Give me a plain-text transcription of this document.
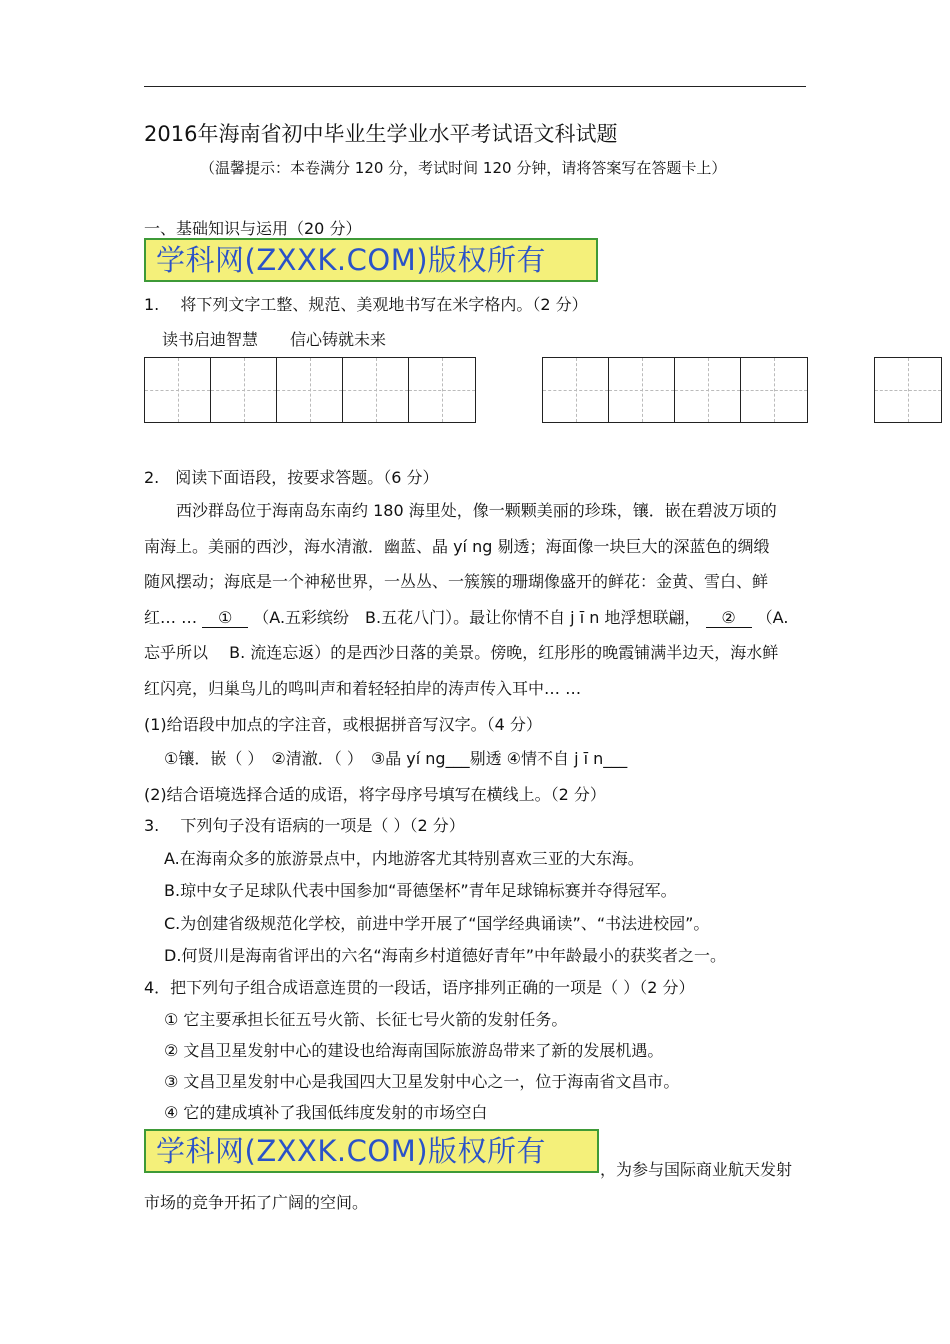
2016年海南省初中毕业生学业水平考试语文科试题
（温馨提示：本卷满分 120 分，考试时间 120 分钟，请将答案写在答题卡上）
一、基础知识与运用（20 分）
学科网(ZXXK.COM)版权所有
1.　 将下列文字工整、规范、美观地书写在米字格内。（2 分）
读书启迪智慧　　信心铸就未来
2.　阅读下面语段，按要求答题。（6 分）
西沙群岛位于海南岛东南约 180 海里处，像一颗颗美丽的珍珠，镶．嵌在碧波万顷的
南海上。美丽的西沙，海水清澈．幽蓝、晶 yí ng 剔透；海面像一块巨大的深蓝色的绸缎
随风摆动；海底是一个神秘世界，一丛丛、一簇簇的珊瑚像盛开的鲜花：金黄、雪白、鲜
红… … ① （A.五彩缤纷　B.五花八门）。最让你情不自 j ī n 地浮想联翩， ② （A.
忘乎所以　 B. 流连忘返）的是西沙日落的美景。傍晚，红彤彤的晚霞铺满半边天，海水鲜
红闪亮，归巢鸟儿的鸣叫声和着轻轻拍岸的涛声传入耳中… …
(1)给语段中加点的字注音，或根据拼音写汉字。（4 分）
①镶．嵌（ ）　②清澈．（ ）　③晶 yí ng___剔透 ④情不自 j ī n___
(2)结合语境选择合适的成语，将字母序号填写在横线上。（2 分）
3.　 下列句子没有语病的一项是（ ）（2 分）
A.在海南众多的旅游景点中，内地游客尤其特别喜欢三亚的大东海。
B.琼中女子足球队代表中国参加“哥德堡杯”青年足球锦标赛并夺得冠军。
C.为创建省级规范化学校，前进中学开展了“国学经典诵读”、“书法进校园”。
D.何贤川是海南省评出的六名“海南乡村道德好青年”中年龄最小的获奖者之一。
4．把下列句子组合成语意连贯的一段话，语序排列正确的一项是（ ）（2 分）
① 它主要承担长征五号火箭、长征七号火箭的发射任务。
② 文昌卫星发射中心的建设也给海南国际旅游岛带来了新的发展机遇。
③ 文昌卫星发射中心是我国四大卫星发射中心之一，位于海南省文昌市。
④ 它的建成填补了我国低纬度发射的市场空白
学科网(ZXXK.COM)版权所有
，为参与国际商业航天发射
市场的竞争开拓了广阔的空间。
